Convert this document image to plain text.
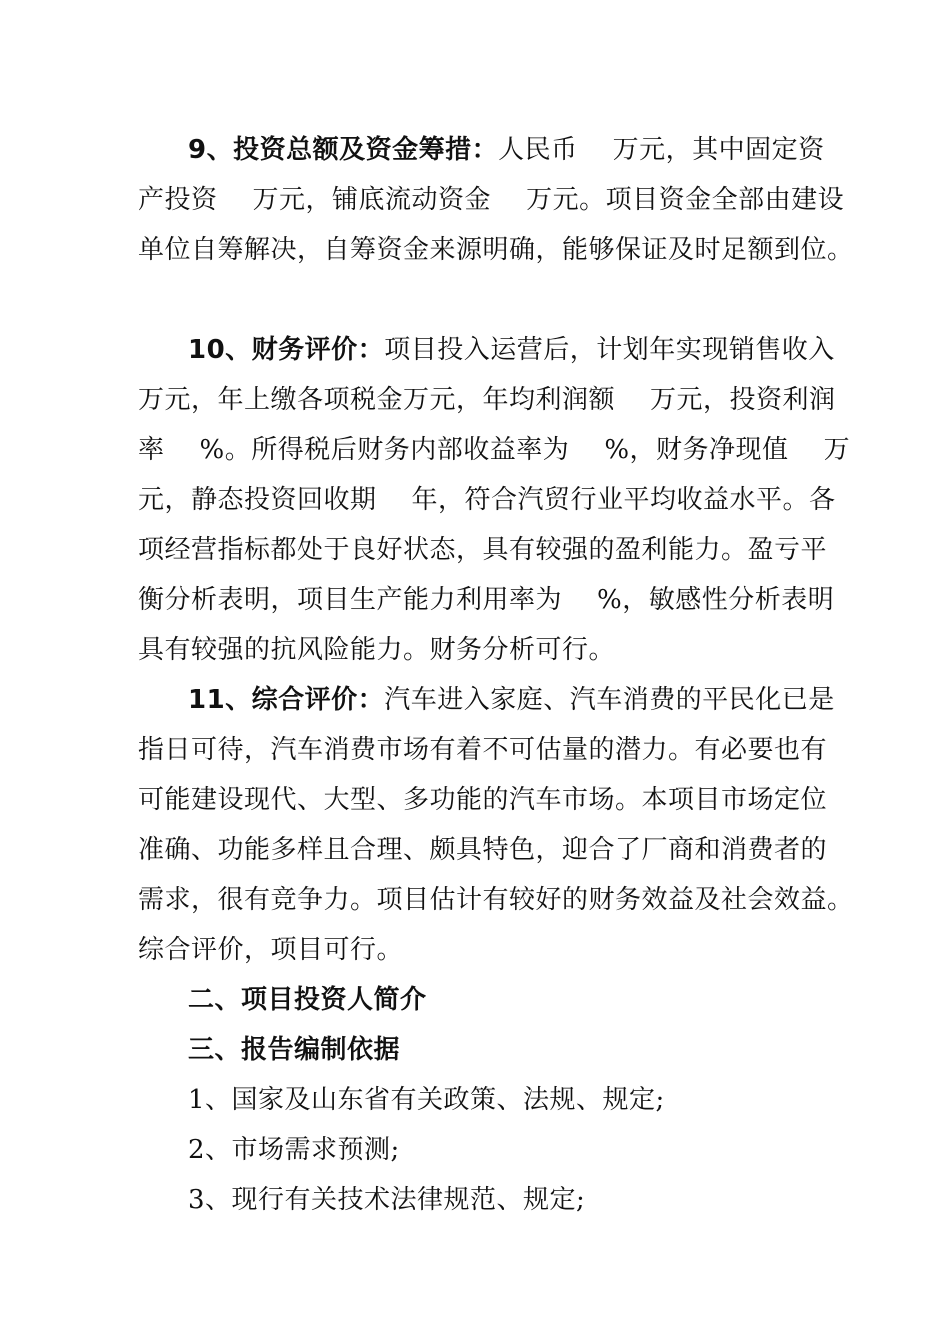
9、投资总额及资金筹措：人民币    万元，其中固定资
产投资    万元，铺底流动资金    万元。项目资金全部由建设
单位自筹解决，自筹资金来源明确，能够保证及时足额到位。
10、财务评价：项目投入运营后，计划年实现销售收入
万元，年上缴各项税金万元，年均利润额    万元，投资利润
率    %。所得税后财务内部收益率为    %，财务净现值    万
元，静态投资回收期    年，符合汽贸行业平均收益水平。各
项经营指标都处于良好状态，具有较强的盈利能力。盈亏平
衡分析表明，项目生产能力利用率为    %，敏感性分析表明
具有较强的抗风险能力。财务分析可行。
11、综合评价：汽车进入家庭、汽车消费的平民化已是
指日可待，汽车消费市场有着不可估量的潜力。有必要也有
可能建设现代、大型、多功能的汽车市场。本项目市场定位
准确、功能多样且合理、颇具特色，迎合了厂商和消费者的
需求，很有竞争力。项目估计有较好的财务效益及社会效益。
综合评价，项目可行。
二、项目投资人简介
三、报告编制依据
1、国家及山东省有关政策、法规、规定;
2、市场需求预测;
3、现行有关技术法律规范、规定;
